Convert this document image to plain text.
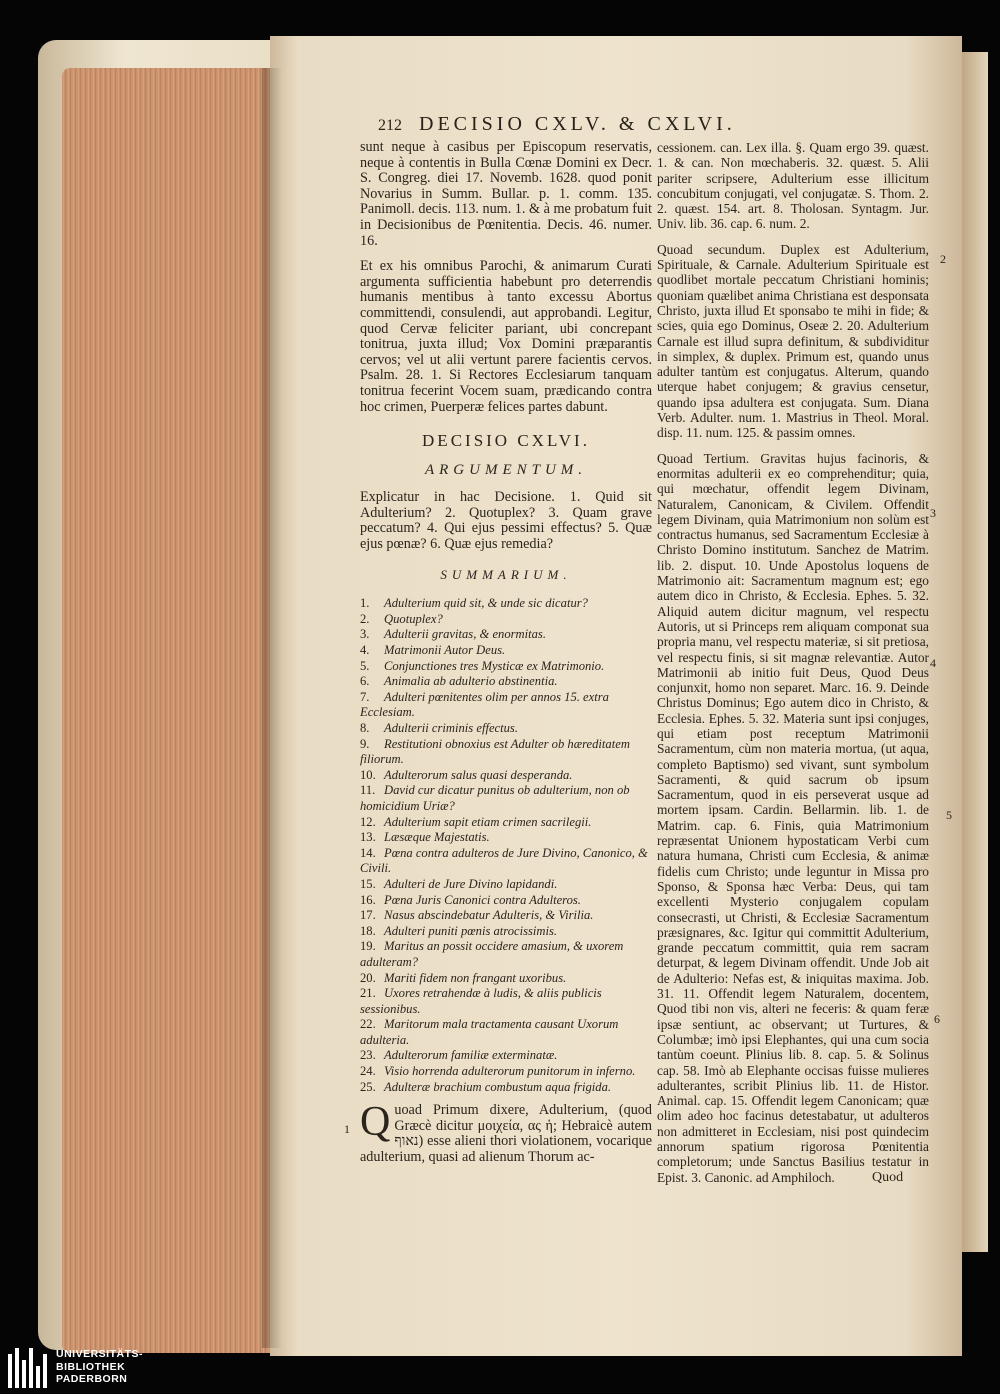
212 DECISIO CXLV. & CXLVI.

sunt neque à casibus per Episcopum reservatis, neque à contentis in Bulla Cœnæ Domini ex Decr. S. Congreg. diei 17. Novemb. 1628. quod ponit Novarius in Summ. Bullar. p. 1. comm. 135. Panimoll. decis. 113. num. 1. & à me probatum fuit in Decisionibus de Pœnitentia. Decis. 46. numer. 16.

Et ex his omnibus Parochi, & animarum Curati argumenta sufficientia habebunt pro deterrendis humanis mentibus à tanto excessu Abortus committendi, consulendi, aut approbandi. Legitur, quod Cervæ feliciter pariant, ubi concrepant tonitrua, juxta illud; Vox Domini præparantis cervos; vel ut alii vertunt parere facientis cervos. Psalm. 28. 1. Si Rectores Ecclesiarum tanquam tonitrua fecerint Vocem suam, prædicando contra hoc crimen, Puerperæ felices partes dabunt.

DECISIO CXLVI.
ARGUMENTUM.

Explicatur in hac Decisione. 1. Quid sit Adulterium? 2. Quotuplex? 3. Quam grave peccatum? 4. Qui ejus pessimi effectus? 5. Quæ ejus pœnæ? 6. Quæ ejus remedia?

SUMMARIUM.
1. Adulterium quid sit, & unde sic dicatur?
2. Quotuplex?
3. Adulterii gravitas, & enormitas.
4. Matrimonii Autor Deus.
5. Conjunctiones tres Mysticæ ex Matrimonio.
6. Animalia ab adulterio abstinentia.
7. Adulteri pœnitentes olim per annos 15. extra Ecclesiam.
8. Adulterii criminis effectus.
9. Restitutioni obnoxius est Adulter ob hæreditatem filiorum.
10. Adulterorum salus quasi desperanda.
11. David cur dicatur punitus ob adulterium, non ob homicidium Uriæ?
12. Adulterium sapit etiam crimen sacrilegii.
13. Læsæque Majestatis.
14. Pœna contra adulteros de Jure Divino, Canonico, & Civili.
15. Adulteri de Jure Divino lapidandi.
16. Pœna Juris Canonici contra Adulteros.
17. Nasus abscindebatur Adulteris, & Virilia.
18. Adulteri puniti pœnis atrocissimis.
19. Maritus an possit occidere amasium, & uxorem adulteram?
20. Mariti fidem non frangant uxoribus.
21. Uxores retrahendæ à ludis, & aliis publicis sessionibus.
22. Maritorum mala tractamenta causant Uxorum adulteria.
23. Adulterorum familiæ exterminatæ.
24. Visio horrenda adulterorum punitorum in inferno.
25. Adulteræ brachium combustum aqua frigida.

Q uoad Primum dixere, Adulterium, (quod Græcè dicitur μοιχεία, ας ἡ; Hebraicè autem נאוף) esse alieni thori violationem, vocarique adulterium, quasi ad alienum Thorum ac-

cessionem. can. Lex illa. §. Quam ergo 39. quæst. 1. & can. Non mœchaberis. 32. quæst. 5. Alii pariter scripsere, Adulterium esse illicitum concubitum conjugati, vel conjugatæ. S. Thom. 2. 2. quæst. 154. art. 8. Tholosan. Syntagm. Jur. Univ. lib. 36. cap. 6. num. 2.

Quoad secundum. Duplex est Adulterium, Spirituale, & Carnale. Adulterium Spirituale est quodlibet mortale peccatum Christiani hominis; quoniam quælibet anima Christiana est desponsata Christo, juxta illud Et sponsabo te mihi in fide; & scies, quia ego Dominus, Oseæ 2. 20. Adulterium Carnale est illud supra definitum, & subdividitur in simplex, & duplex. Primum est, quando unus adulter tantùm est conjugatus. Alterum, quando uterque habet conjugem; & gravius censetur, quando ipsa adultera est conjugata. Sum. Diana Verb. Adulter. num. 1. Mastrius in Theol. Moral. disp. 11. num. 125. & passim omnes.

Quoad Tertium. Gravitas hujus facinoris, & enormitas adulterii ex eo comprehenditur; quia, qui mœchatur, offendit legem Divinam, Naturalem, Canonicam, & Civilem. Offendit legem Divinam, quia Matrimonium non solùm est contractus humanus, sed Sacramentum Ecclesiæ à Christo Domino institutum. Sanchez de Matrim. lib. 2. disput. 10. Unde Apostolus loquens de Matrimonio ait: Sacramentum magnum est; ego autem dico in Christo, & Ecclesia. Ephes. 5. 32. Aliquid autem dicitur magnum, vel respectu Autoris, ut si Princeps rem aliquam componat sua propria manu, vel respectu materiæ, si sit pretiosa, vel respectu finis, si sit magnæ relevantiæ. Autor Matrimonii ab initio fuit Deus, Quod Deus conjunxit, homo non separet. Marc. 16. 9. Deinde Christus Dominus; Ego autem dico in Christo, & Ecclesia. Ephes. 5. 32. Materia sunt ipsi conjuges, qui etiam post receptum Matrimonii Sacramentum, cùm non materia mortua, (ut aqua, completo Baptismo) sed vivant, sunt symbolum Sacramenti, & quid sacrum ob ipsum Sacramentum, quod in eis perseverat usque ad mortem ipsam. Cardin. Bellarmin. lib. 1. de Matrim. cap. 6. Finis, quia Matrimonium repræsentat Unionem hypostaticam Verbi cum natura humana, Christi cum Ecclesia, & animæ fidelis cum Christo; unde leguntur in Missa pro Sponso, & Sponsa hæc Verba: Deus, qui tam excellenti Mysterio conjugalem copulam consecrasti, ut Christi, & Ecclesiæ Sacramentum præsignares, &c. Igitur qui committit Adulterium, grande peccatum committit, quia rem sacram deturpat, & legem Divinam offendit. Unde Job ait de Adulterio: Nefas est, & iniquitas maxima. Job. 31. 11. Offendit legem Naturalem, docentem, Quod tibi non vis, alteri ne feceris: & quam feræ ipsæ sentiunt, ac observant; ut Turtures, & Columbæ; imò ipsi Elephantes, qui una cum socia tantùm coeunt. Plinius lib. 8. cap. 5. & Solinus cap. 58. Imò ab Elephante occisas fuisse mulieres adulterantes, scribit Plinius lib. 11. de Histor. Animal. cap. 15. Offendit legem Canonicam; quæ olim adeo hoc facinus detestabatur, ut adulteros non admitteret in Ecclesiam, nisi post quindecim annorum spatium rigorosa Pœnitentia completorum; unde Sanctus Basilius testatur in Epist. 3. Canonic. ad Amphiloch.

1
2
3
4
5
6
Quod
UNIVERSITÄTS-
BIBLIOTHEK
PADERBORN
